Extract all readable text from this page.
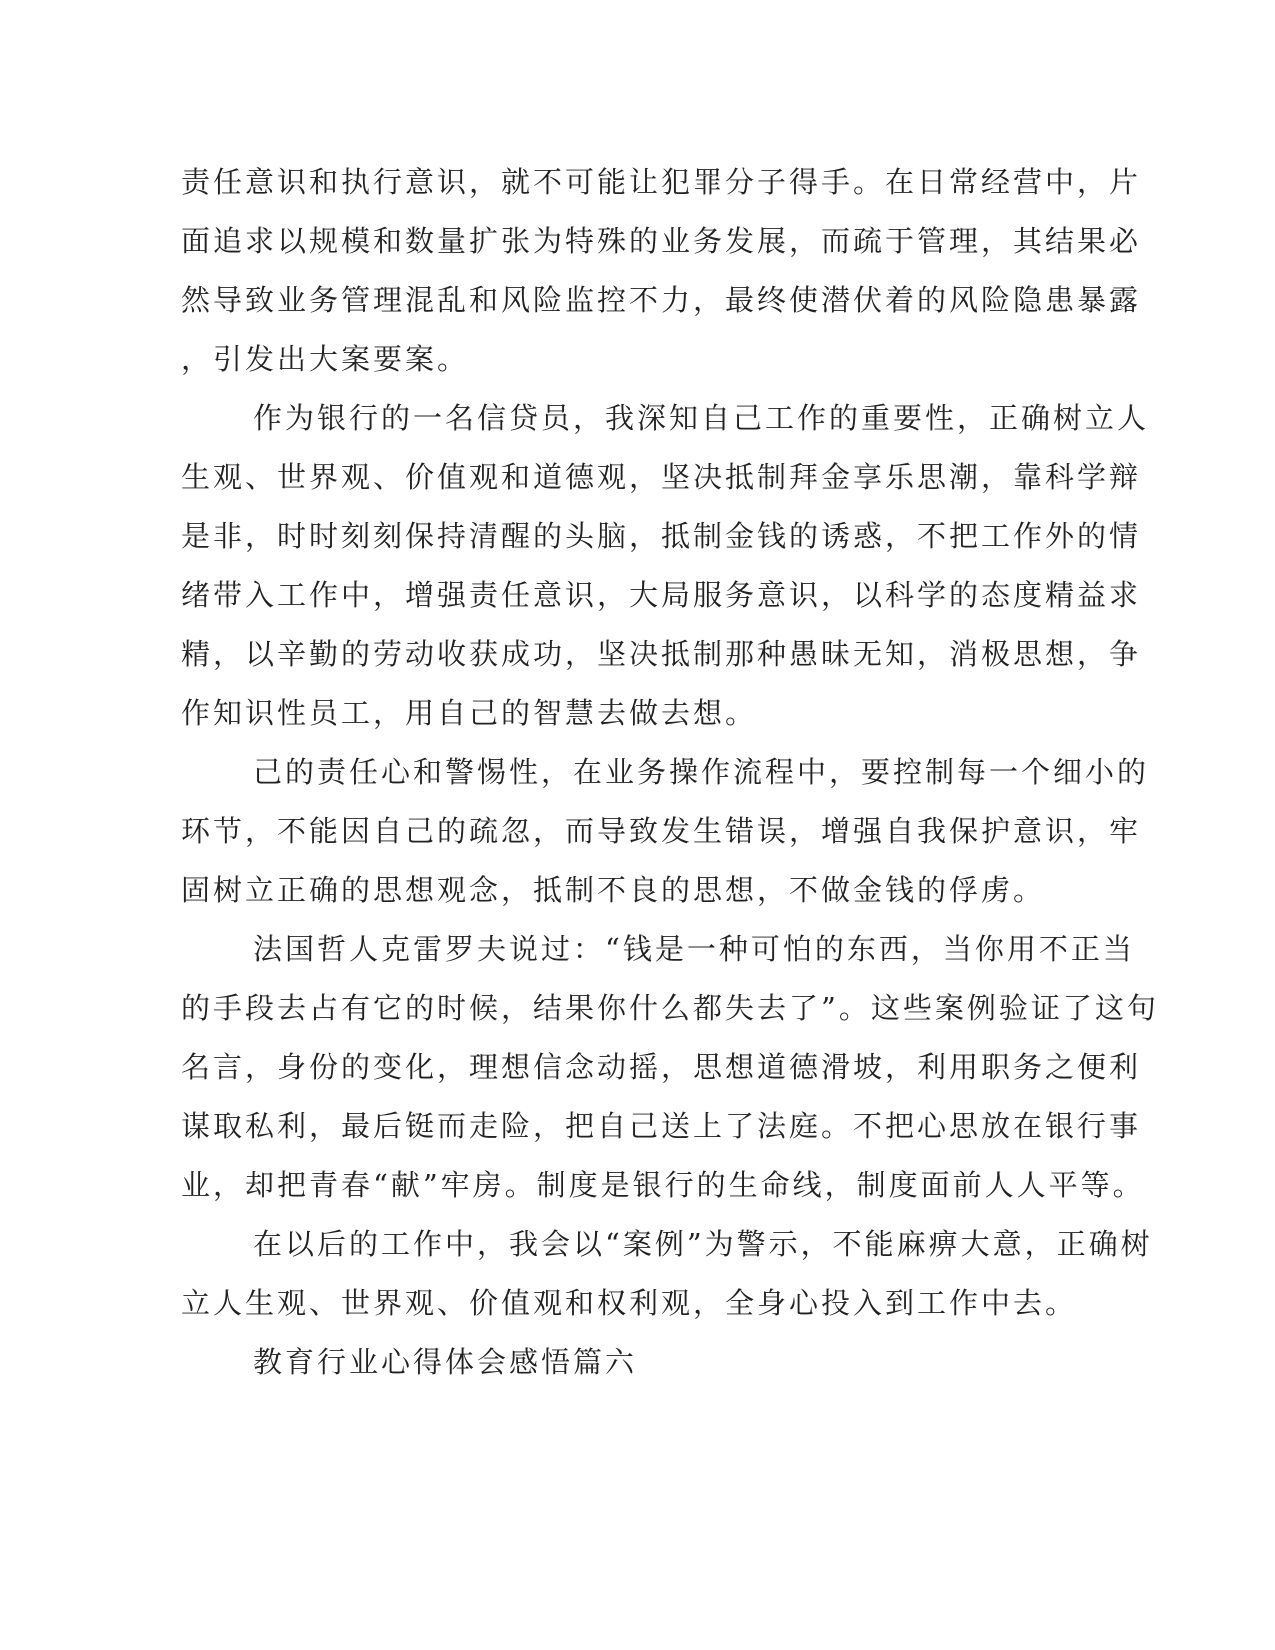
责任意识和执行意识，就不可能让犯罪分子得手。在日常经营中，片
面追求以规模和数量扩张为特殊的业务发展，而疏于管理，其结果必
然导致业务管理混乱和风险监控不力，最终使潜伏着的风险隐患暴露
，引发出大案要案。
作为银行的一名信贷员，我深知自己工作的重要性，正确树立人
生观、世界观、价值观和道德观，坚决抵制拜金享乐思潮，靠科学辩
是非，时时刻刻保持清醒的头脑，抵制金钱的诱惑，不把工作外的情
绪带入工作中，增强责任意识，大局服务意识，以科学的态度精益求
精，以辛勤的劳动收获成功，坚决抵制那种愚昧无知，消极思想，争
作知识性员工，用自己的智慧去做去想。
己的责任心和警惕性，在业务操作流程中，要控制每一个细小的
环节，不能因自己的疏忽，而导致发生错误，增强自我保护意识，牢
固树立正确的思想观念，抵制不良的思想，不做金钱的俘虏。
法国哲人克雷罗夫说过：“钱是一种可怕的东西，当你用不正当
的手段去占有它的时候，结果你什么都失去了”。这些案例验证了这句
名言，身份的变化，理想信念动摇，思想道德滑坡，利用职务之便利
谋取私利，最后铤而走险，把自己送上了法庭。不把心思放在银行事
业，却把青春“献”牢房。制度是银行的生命线，制度面前人人平等。
在以后的工作中，我会以“案例”为警示，不能麻痹大意，正确树
立人生观、世界观、价值观和权利观，全身心投入到工作中去。
教育行业心得体会感悟篇六
